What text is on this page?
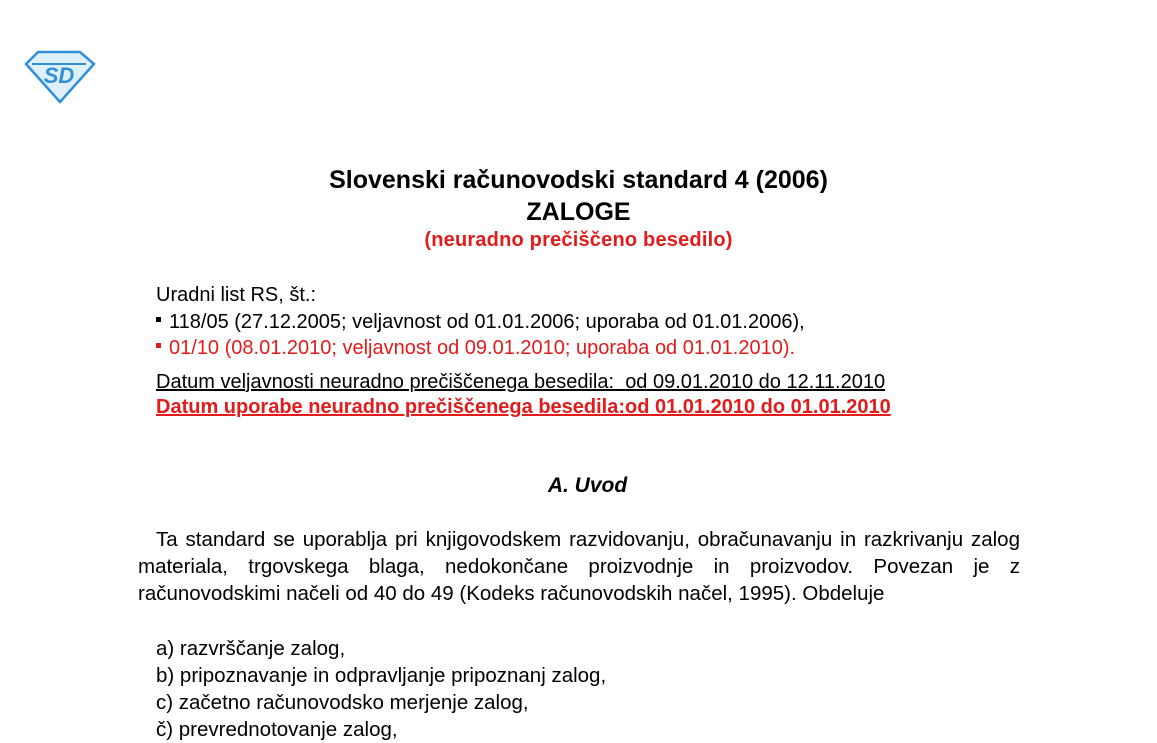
SD
Slovenski računovodski standard 4 (2006)
ZALOGE
(neuradno prečiščeno besedilo)
Uradni list RS, št.:
118/05 (27.12.2005; veljavnost od 01.01.2006; uporaba od 01.01.2006),
01/10 (08.01.2010; veljavnost od 09.01.2010; uporaba od 01.01.2010).
Datum veljavnosti neuradno prečiščenega besedila: od 09.01.2010 do 12.11.2010
Datum uporabe neuradno prečiščenega besedila:od 01.01.2010 do 01.01.2010
A. Uvod
Ta standard se uporablja pri knjigovodskem razvidovanju, obračunavanju in razkrivanju zalog materiala, trgovskega blaga, nedokončane proizvodnje in proizvodov. Povezan je z računovodskimi načeli od 40 do 49 (Kodeks računovodskih načel, 1995). Obdeluje
a) razvrščanje zalog,
b) pripoznavanje in odpravljanje pripoznanj zalog,
c) začetno računovodsko merjenje zalog,
č) prevrednotovanje zalog,
